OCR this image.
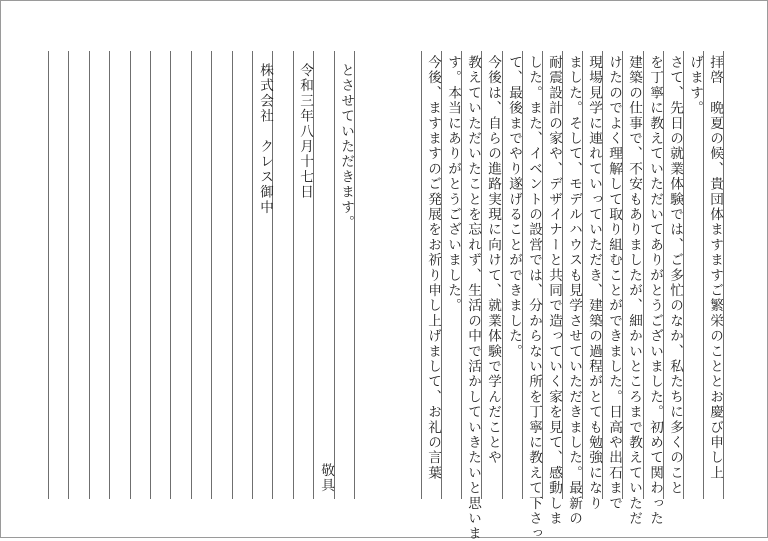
株式会社　クレス御中 令和三年八月十七日 とさせていただきます。
敬具	拝啓　晩夏の候、貴団体ますますご繁栄のこととお慶び申し上
げます。
さて、先日の就業体験では、ご多忙のなか、私たちに多くのこと
を丁寧に教えていただいてありがとうございました。初めて関わった
建築の仕事で、不安もありましたが、細かいところまで教えていただ
けたのでよく理解して取り組むことができました。日高や出石まで
現場見学に連れていっていただき、建築の過程がとても勉強になり
ました。そして、モデルハウスも見学させていただきました。最新の
耐震設計の家や、デザイナーと共同で造っていく家を見て、感動しま
した。また、イベントの設営では、分からない所を丁寧に教えて下さっ
て、最後までやり遂げることができました。
今後は、自らの進路実現に向けて、就業体験で学んだことや
教えていただいたことを忘れず、生活の中で活かしていきたいと思いま
す。本当にありがとうございました。
今後、ますますのご発展をお祈り申し上げまして、お礼の言葉
